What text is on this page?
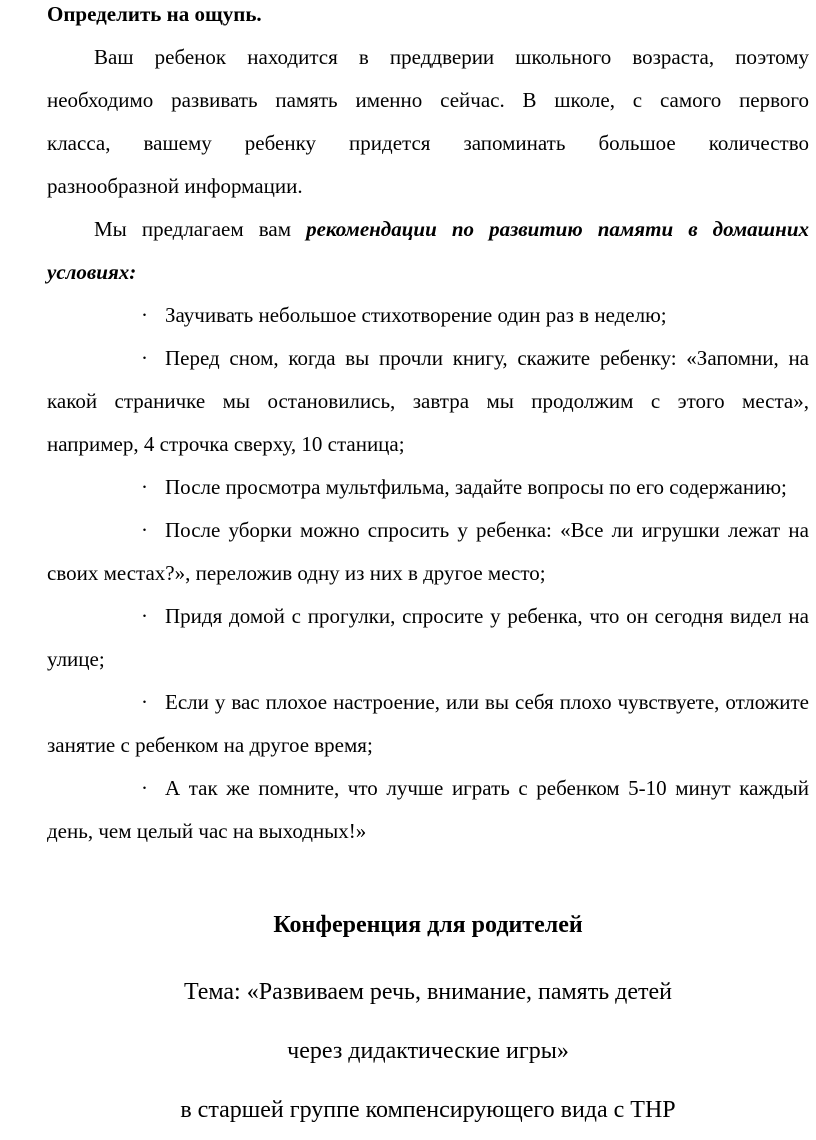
Определить на ощупь.
Ваш ребенок находится в преддверии школьного возраста, поэтому
необходимо развивать память именно сейчас. В школе, с самого первого
класса, вашему ребенку придется запоминать большое количество
разнообразной информации.
Мы предлагаем вам рекомендации по развитию памяти в домашних
условиях:
· Заучивать небольшое стихотворение один раз в неделю;
· Перед сном, когда вы прочли книгу, скажите ребенку: «Запомни, на
какой страничке мы остановились, завтра мы продолжим с этого места»,
например, 4 строчка сверху, 10 станица;
· После просмотра мультфильма, задайте вопросы по его содержанию;
· После уборки можно спросить у ребенка: «Все ли игрушки лежат на
своих местах?», переложив одну из них в другое место;
· Придя домой с прогулки, спросите у ребенка, что он сегодня видел на
улице;
· Если у вас плохое настроение, или вы себя плохо чувствуете, отложите
занятие с ребенком на другое время;
· А так же помните, что лучше играть с ребенком 5-10 минут каждый
день, чем целый час на выходных!»
Конференция для родителей
Тема: «Развиваем речь, внимание, память детей
через дидактические игры»
в старшей группе компенсирующего вида с ТНР
